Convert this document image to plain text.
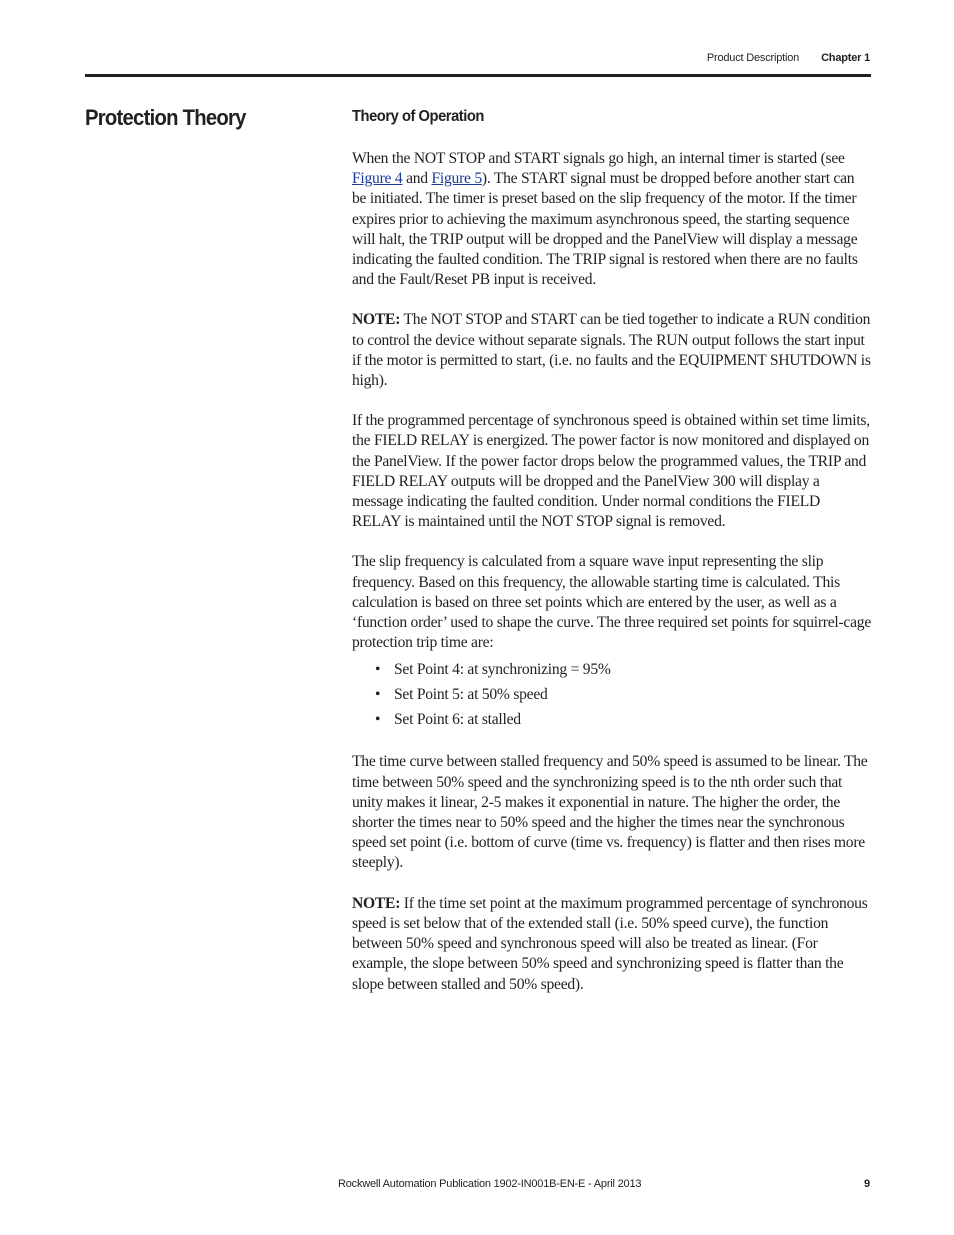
Product Description Chapter 1
Protection Theory	Theory of Operation

When the NOT STOP and START signals go high, an internal timer is started (see Figure 4 and Figure 5). The START signal must be dropped before another start can be initiated. The timer is preset based on the slip frequency of the motor. If the timer expires prior to achieving the maximum asynchronous speed, the starting sequence will halt, the TRIP output will be dropped and the PanelView will display a message indicating the faulted condition. The TRIP signal is restored when there are no faults and the Fault/Reset PB input is received.

NOTE: The NOT STOP and START can be tied together to indicate a RUN condition to control the device without separate signals. The RUN output follows the start input if the motor is permitted to start, (i.e. no faults and the EQUIPMENT SHUTDOWN is high).

If the programmed percentage of synchronous speed is obtained within set time limits, the FIELD RELAY is energized. The power factor is now monitored and displayed on the PanelView. If the power factor drops below the programmed values, the TRIP and FIELD RELAY outputs will be dropped and the PanelView 300 will display a message indicating the faulted condition. Under normal conditions the FIELD RELAY is maintained until the NOT STOP signal is removed.

The slip frequency is calculated from a square wave input representing the slip frequency. Based on this frequency, the allowable starting time is calculated. This calculation is based on three set points which are entered by the user, as well as a ‘function order’ used to shape the curve. The three required set points for squirrel-cage protection trip time are:

• Set Point 4: at synchronizing = 95%
• Set Point 5: at 50% speed
• Set Point 6: at stalled

The time curve between stalled frequency and 50% speed is assumed to be linear. The time between 50% speed and the synchronizing speed is to the nth order such that unity makes it linear, 2-5 makes it exponential in nature. The higher the order, the shorter the times near to 50% speed and the higher the times near the synchronous speed set point (i.e. bottom of curve (time vs. frequency) is flatter and then rises more steeply).

NOTE: If the time set point at the maximum programmed percentage of synchronous speed is set below that of the extended stall (i.e. 50% speed curve), the function between 50% speed and synchronous speed will also be treated as linear. (For example, the slope between 50% speed and synchronizing speed is flatter than the slope between stalled and 50% speed).

Rockwell Automation Publication 1902-IN001B-EN-E - April 2013	9
